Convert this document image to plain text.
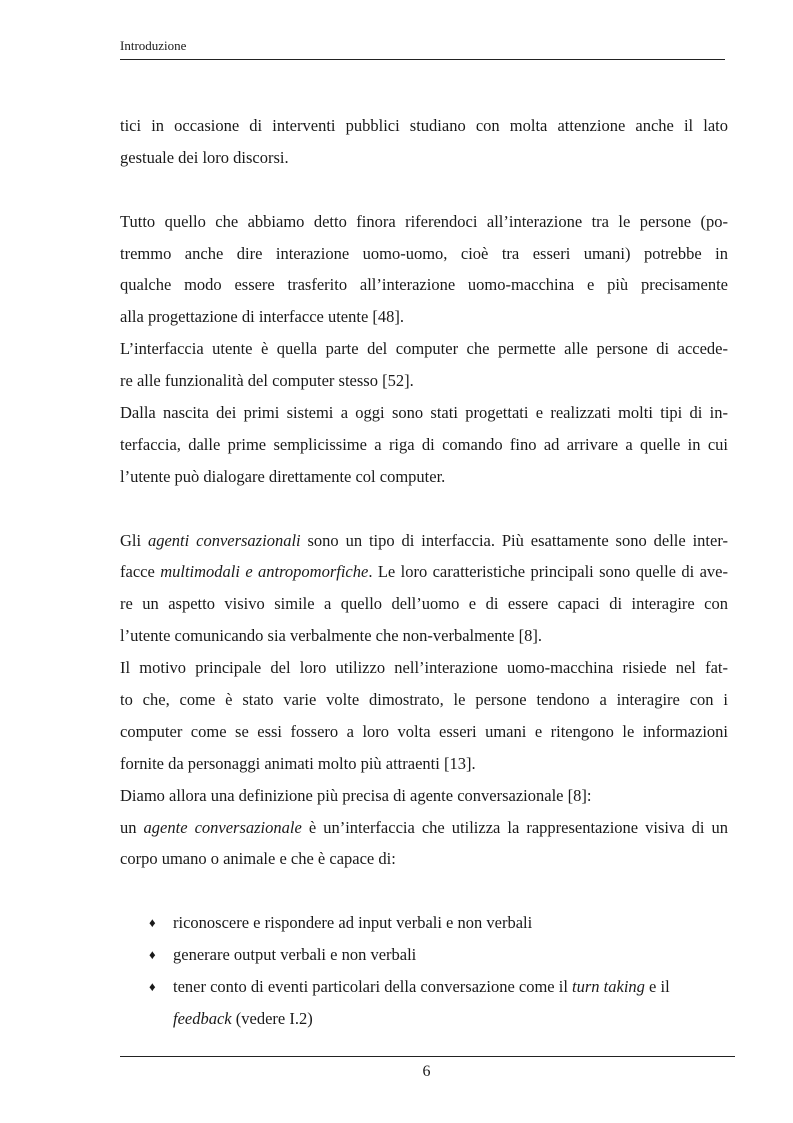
Introduzione
tici in occasione di interventi pubblici studiano con molta attenzione anche il lato
gestuale dei loro discorsi.
Tutto quello che abbiamo detto finora riferendoci all’interazione tra le persone (po-
tremmo anche dire interazione uomo-uomo, cioè tra esseri umani) potrebbe in
qualche modo essere trasferito all’interazione uomo-macchina e più precisamente
alla progettazione di interfacce utente [48].
L’interfaccia utente è quella parte del computer che permette alle persone di accede-
re alle funzionalità del computer stesso [52].
Dalla nascita dei primi sistemi a oggi sono stati progettati e realizzati molti tipi di in-
terfaccia, dalle prime semplicissime a riga di comando fino ad arrivare a quelle in cui
l’utente può dialogare direttamente col computer.
Gli agenti conversazionali sono un tipo di interfaccia. Più esattamente sono delle inter-
facce multimodali e antropomorfiche. Le loro caratteristiche principali sono quelle di ave-
re un aspetto visivo simile a quello dell’uomo e di essere capaci di interagire con
l’utente comunicando sia verbalmente che non-verbalmente [8].
Il motivo principale del loro utilizzo nell’interazione uomo-macchina risiede nel fat-
to che, come è stato varie volte dimostrato, le persone tendono a interagire con i
computer come se essi fossero a loro volta esseri umani e ritengono le informazioni
fornite da personaggi animati molto più attraenti [13].
Diamo allora una definizione più precisa di agente conversazionale [8]:
un agente conversazionale è un’interfaccia che utilizza la rappresentazione visiva di un
corpo umano o animale e che è capace di:
♦	riconoscere e rispondere ad input verbali e non verbali
♦	generare output verbali e non verbali
♦	tener conto di eventi particolari della conversazione come il turn taking e il
feedback (vedere I.2)
6
